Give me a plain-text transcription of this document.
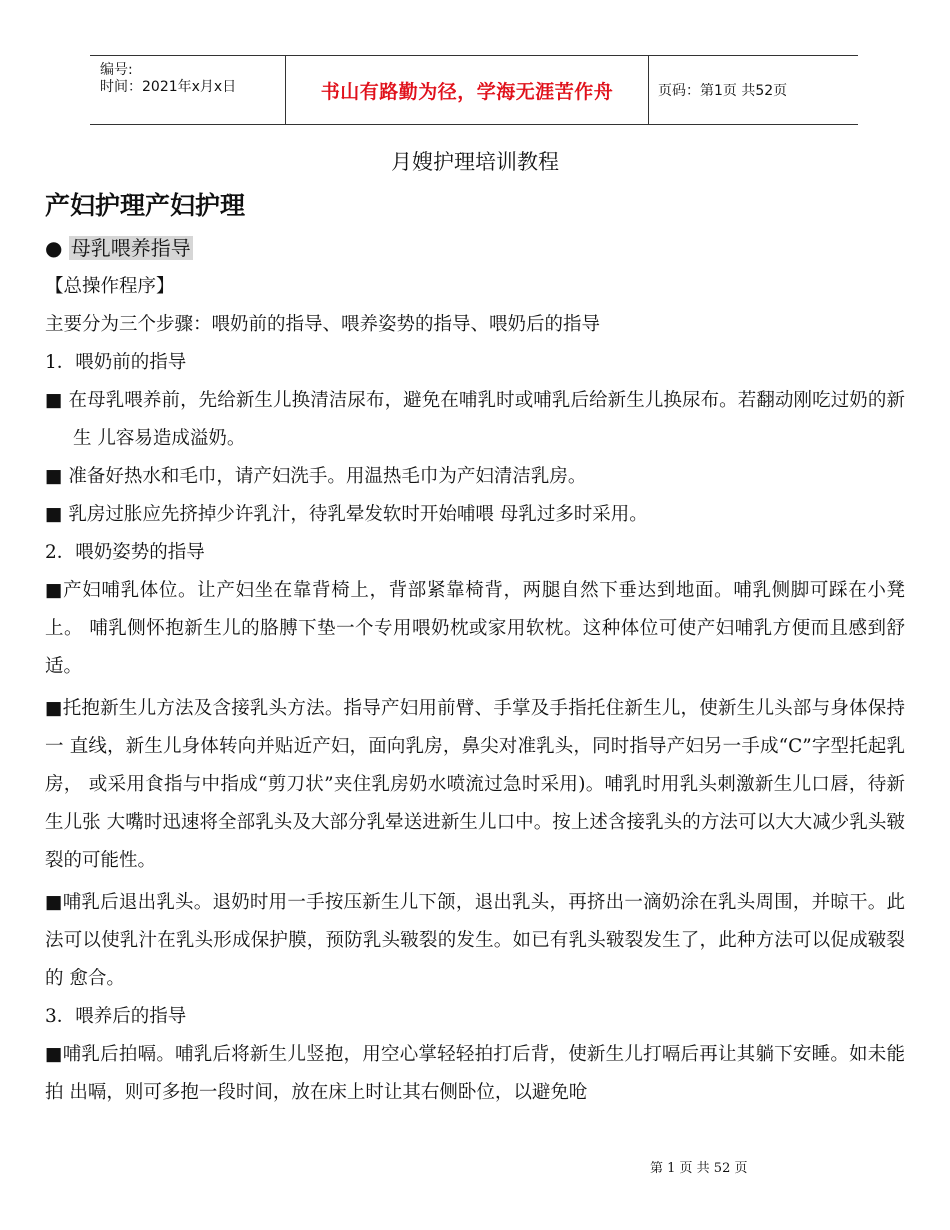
编号:
时间：2021年x月x日	书山有路勤为径，学海无涯苦作舟	页码：第1页 共52页
月嫂护理培训教程
产妇护理产妇护理
● 母乳喂养指导

【总操作程序】

主要分为三个步骤：喂奶前的指导、喂养姿势的指导、喂奶后的指导

1．喂奶前的指导

■ 在母乳喂养前，先给新生儿换清洁尿布，避免在哺乳时或哺乳后给新生儿换尿布。若翻动刚吃过奶的新生 儿容易造成溢奶。

■ 准备好热水和毛巾，请产妇洗手。用温热毛巾为产妇清洁乳房。

■ 乳房过胀应先挤掉少许乳汁，待乳晕发软时开始哺喂 母乳过多时采用。

2．喂奶姿势的指导

■产妇哺乳体位。让产妇坐在靠背椅上，背部紧靠椅背，两腿自然下垂达到地面。哺乳侧脚可踩在小凳上。 哺乳侧怀抱新生儿的胳膊下垫一个专用喂奶枕或家用软枕。这种体位可使产妇哺乳方便而且感到舒适。

■托抱新生儿方法及含接乳头方法。指导产妇用前臂、手掌及手指托住新生儿，使新生儿头部与身体保持一 直线，新生儿身体转向并贴近产妇，面向乳房，鼻尖对准乳头，同时指导产妇另一手成“C”字型托起乳房， 或采用食指与中指成“剪刀状”夹住乳房奶水喷流过急时采用)。哺乳时用乳头刺激新生儿口唇，待新生儿张 大嘴时迅速将全部乳头及大部分乳晕送进新生儿口中。按上述含接乳头的方法可以大大减少乳头皲裂的可能性。

■哺乳后退出乳头。退奶时用一手按压新生儿下颌，退出乳头，再挤出一滴奶涂在乳头周围，并晾干。此法可以使乳汁在乳头形成保护膜，预防乳头皲裂的发生。如已有乳头皲裂发生了，此种方法可以促成皲裂的 愈合。

3．喂养后的指导

■哺乳后拍嗝。哺乳后将新生儿竖抱，用空心掌轻轻拍打后背，使新生儿打嗝后再让其躺下安睡。如未能拍 出嗝，则可多抱一段时间，放在床上时让其右侧卧位，以避免呛

第 1 页 共 52 页
